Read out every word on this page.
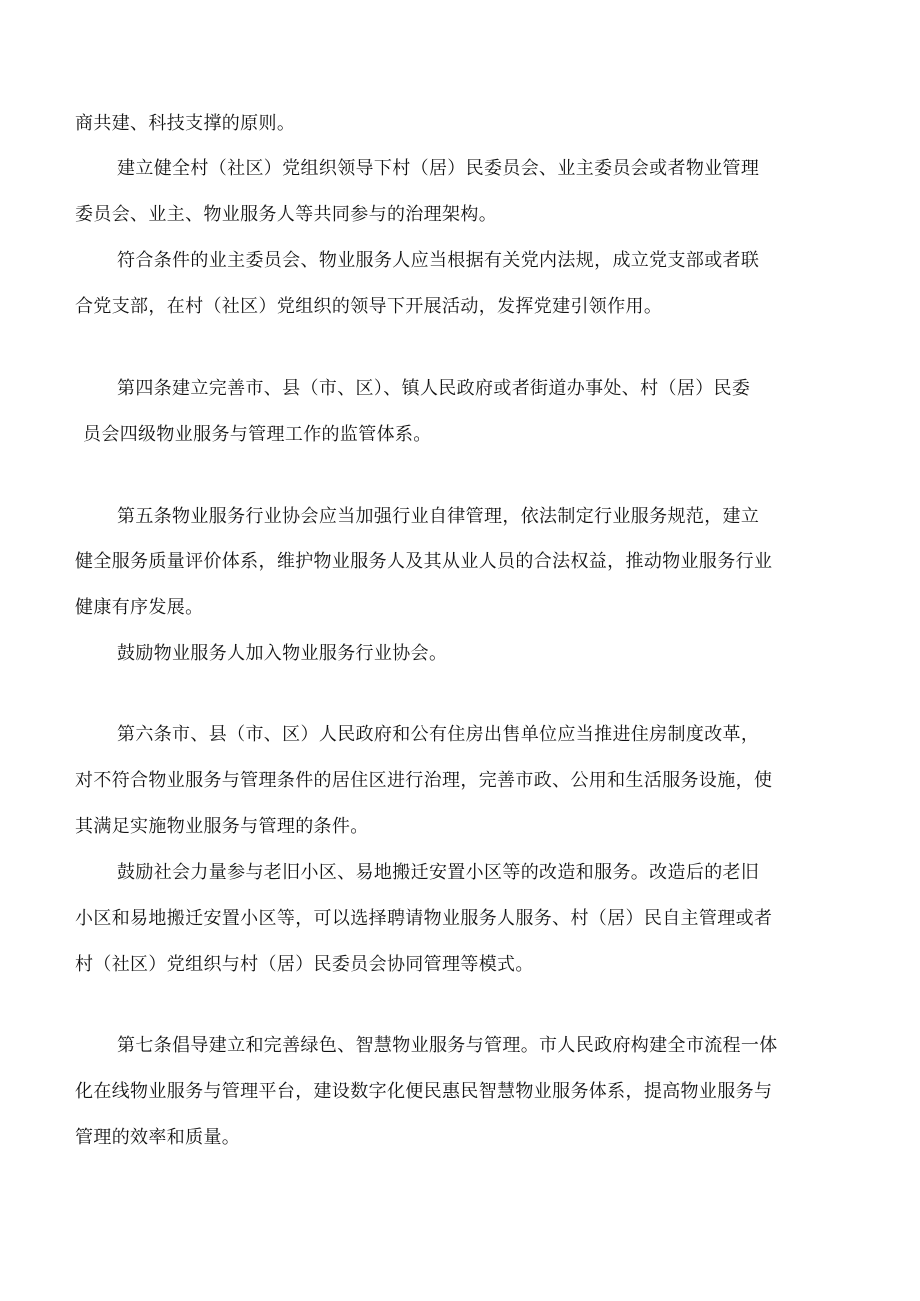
商共建、科技支撑的原则。
建立健全村（社区）党组织领导下村（居）民委员会、业主委员会或者物业管理
委员会、业主、物业服务人等共同参与的治理架构。
符合条件的业主委员会、物业服务人应当根据有关党内法规，成立党支部或者联
合党支部，在村（社区）党组织的领导下开展活动，发挥党建引领作用。
第四条建立完善市、县（市、区）、镇人民政府或者街道办事处、村（居）民委
员会四级物业服务与管理工作的监管体系。
第五条物业服务行业协会应当加强行业自律管理，依法制定行业服务规范，建立
健全服务质量评价体系，维护物业服务人及其从业人员的合法权益，推动物业服务行业
健康有序发展。
鼓励物业服务人加入物业服务行业协会。
第六条市、县（市、区）人民政府和公有住房出售单位应当推进住房制度改革，
对不符合物业服务与管理条件的居住区进行治理，完善市政、公用和生活服务设施，使
其满足实施物业服务与管理的条件。
鼓励社会力量参与老旧小区、易地搬迁安置小区等的改造和服务。改造后的老旧
小区和易地搬迁安置小区等，可以选择聘请物业服务人服务、村（居）民自主管理或者
村（社区）党组织与村（居）民委员会协同管理等模式。
第七条倡导建立和完善绿色、智慧物业服务与管理。市人民政府构建全市流程一体
化在线物业服务与管理平台，建设数字化便民惠民智慧物业服务体系，提高物业服务与
管理的效率和质量。
